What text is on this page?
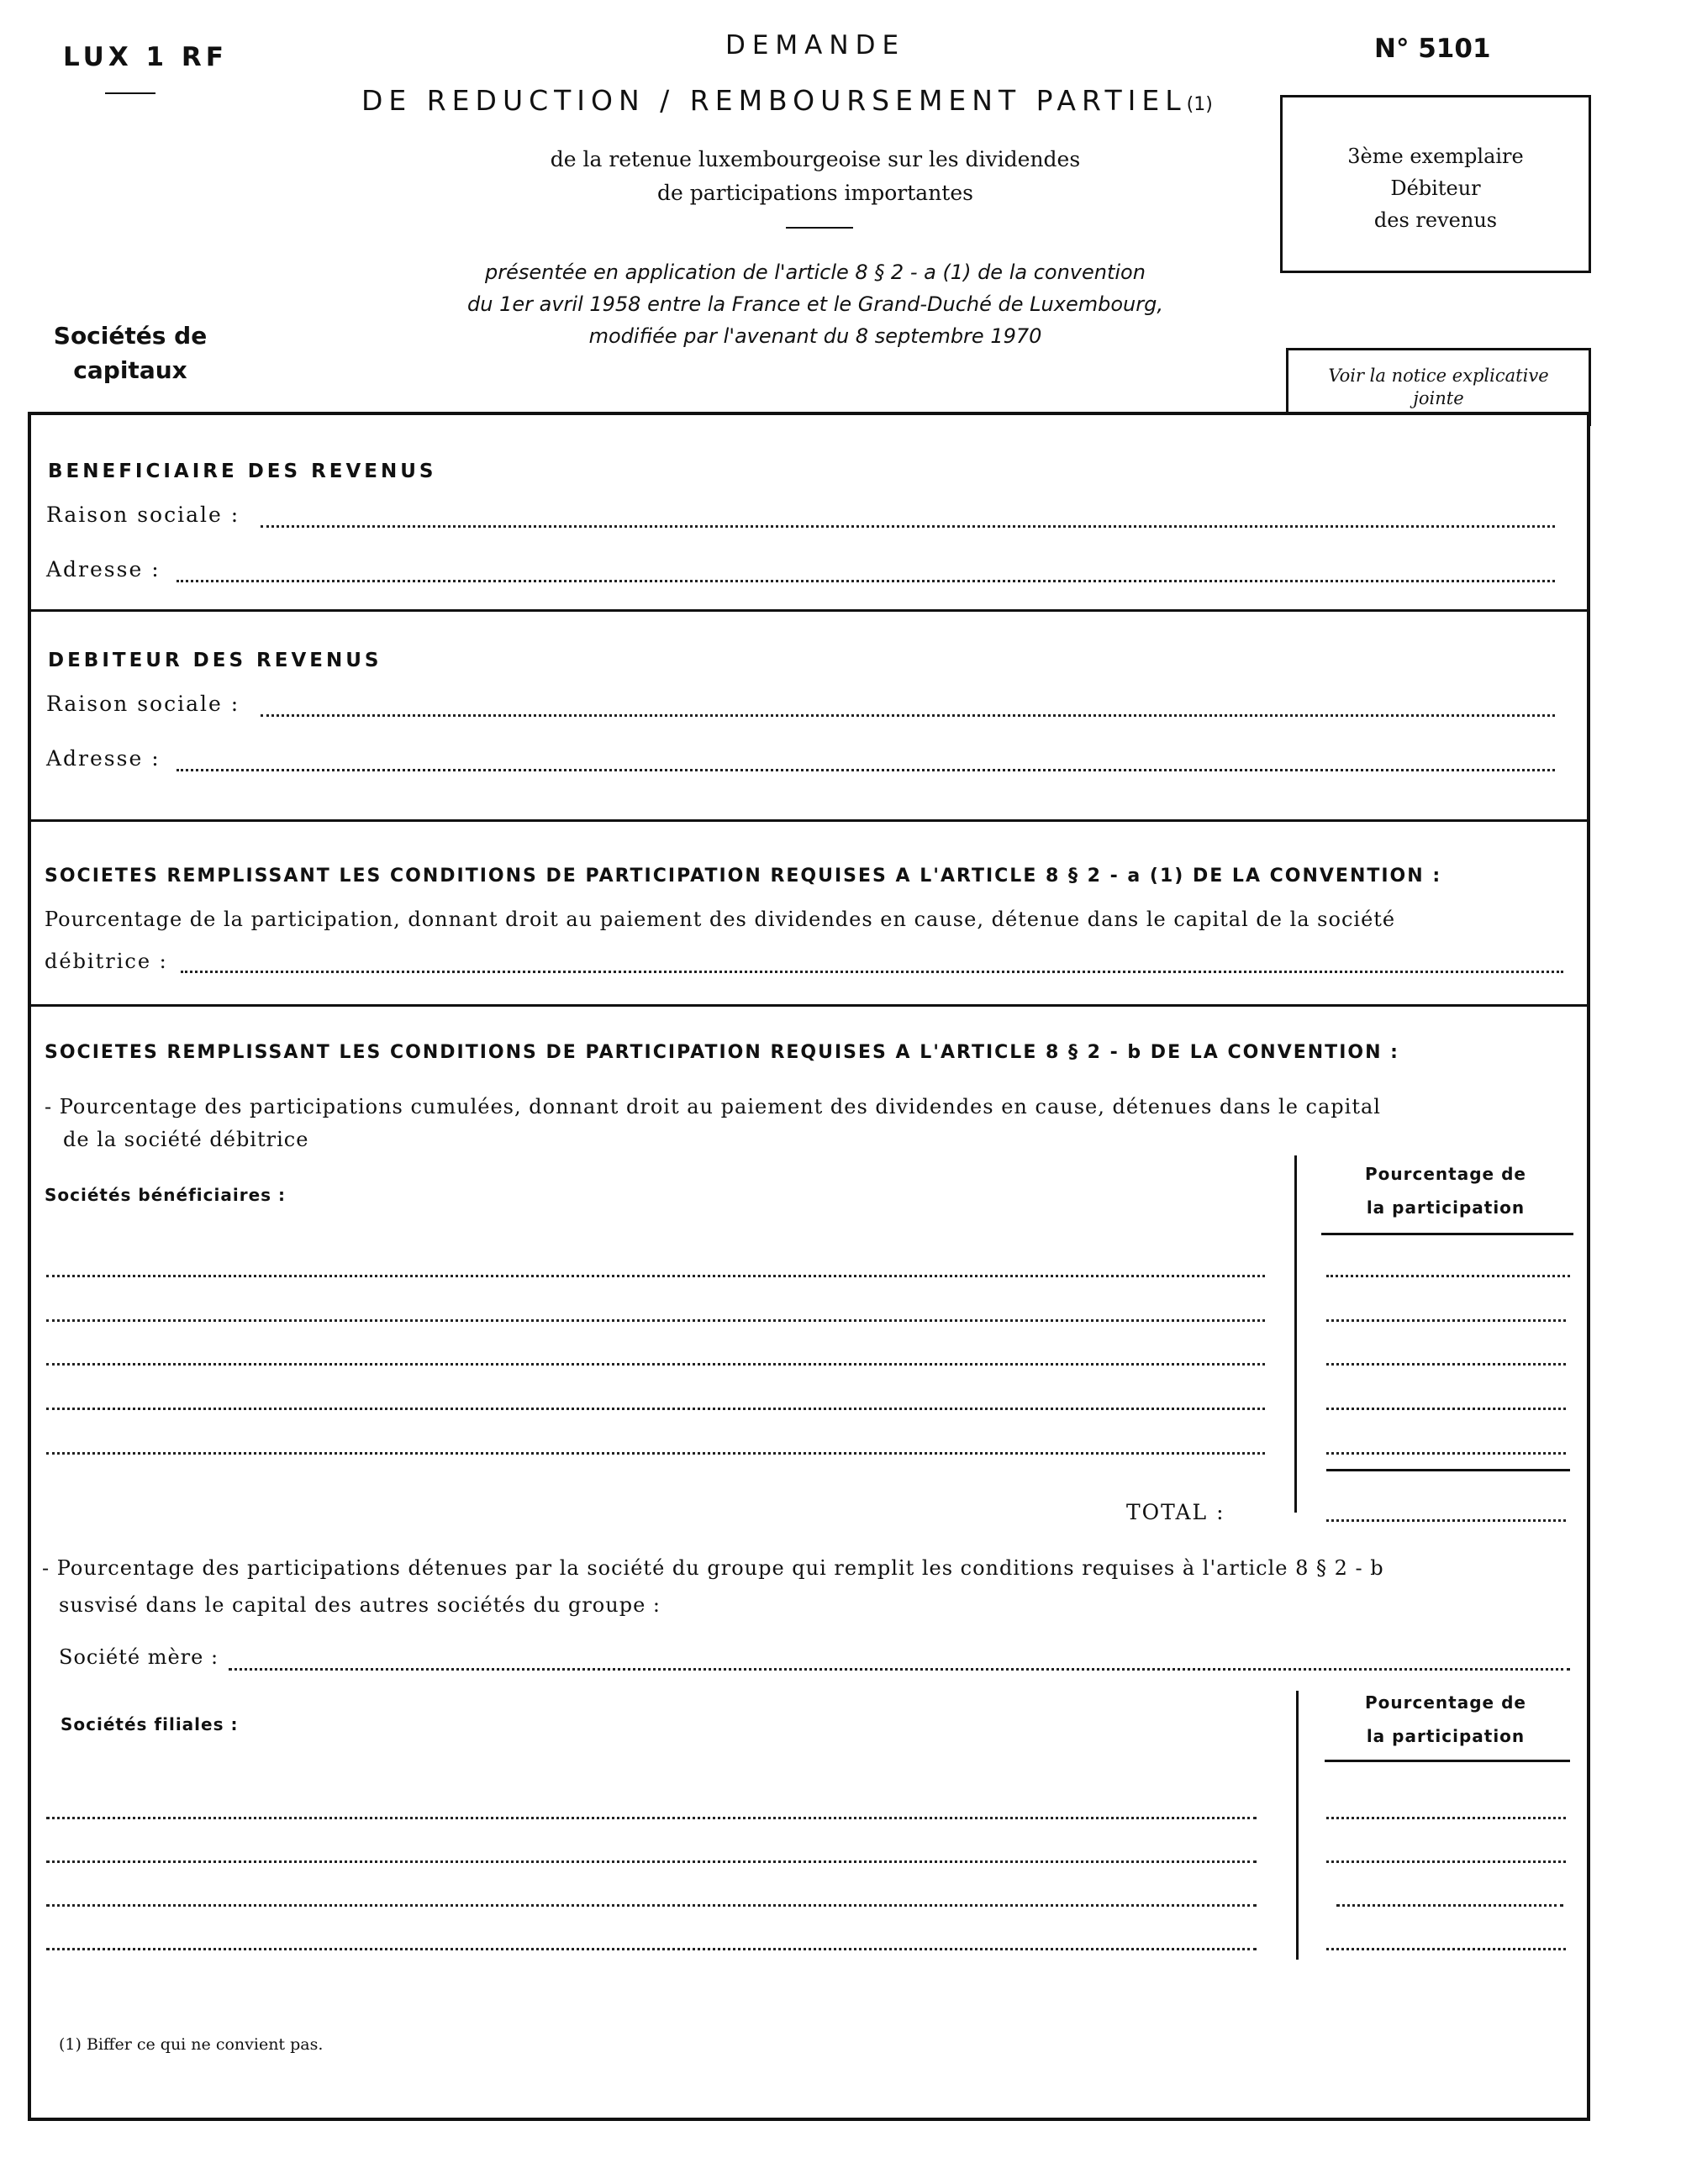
LUX 1 RF	N° 5101
DEMANDE
DE REDUCTION / REMBOURSEMENT PARTIEL(1)
de la retenue luxembourgeoise sur les dividendes
de participations importantes
présentée en application de l'article 8 § 2 - a (1) de la convention
du 1er avril 1958 entre la France et le Grand-Duché de Luxembourg,
modifiée par l'avenant du 8 septembre 1970
Sociétés de
capitaux
3ème exemplaire
Débiteur
des revenus
Voir la notice explicative
jointe
BENEFICIAIRE DES REVENUS
Raison sociale :
Adresse :
DEBITEUR DES REVENUS
Raison sociale :
Adresse :
SOCIETES REMPLISSANT LES CONDITIONS DE PARTICIPATION REQUISES A L'ARTICLE 8 § 2 - a (1) DE LA CONVENTION :
Pourcentage de la participation, donnant droit au paiement des dividendes en cause, détenue dans le capital de la société
débitrice :
SOCIETES REMPLISSANT LES CONDITIONS DE PARTICIPATION REQUISES A L'ARTICLE 8 § 2 - b DE LA CONVENTION :
- Pourcentage des participations cumulées, donnant droit au paiement des dividendes en cause, détenues dans le capital
de la société débitrice
Sociétés bénéficiaires :
Pourcentage de
la participation
TOTAL :
- Pourcentage des participations détenues par la société du groupe qui remplit les conditions requises à l'article 8 § 2 - b
susvisé dans le capital des autres sociétés du groupe :
Société mère :
Sociétés filiales :
Pourcentage de
la participation
(1) Biffer ce qui ne convient pas.
